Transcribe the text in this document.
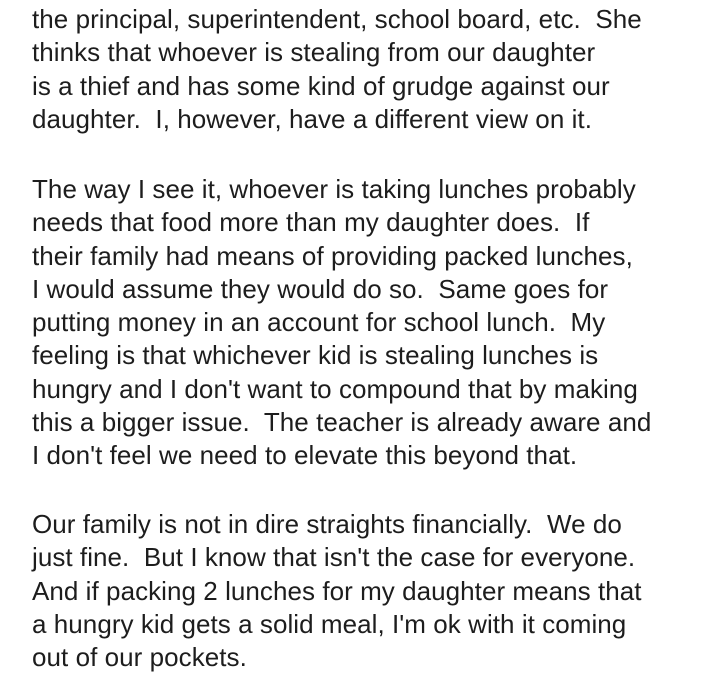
the principal, superintendent, school board, etc.  She
thinks that whoever is stealing from our daughter
is a thief and has some kind of grudge against our
daughter.  I, however, have a different view on it.
The way I see it, whoever is taking lunches probably
needs that food more than my daughter does.  If
their family had means of providing packed lunches,
I would assume they would do so.  Same goes for
putting money in an account for school lunch.  My
feeling is that whichever kid is stealing lunches is
hungry and I don't want to compound that by making
this a bigger issue.  The teacher is already aware and
I don't feel we need to elevate this beyond that.
Our family is not in dire straights financially.  We do
just fine.  But I know that isn't the case for everyone.
And if packing 2 lunches for my daughter means that
a hungry kid gets a solid meal, I'm ok with it coming
out of our pockets.
